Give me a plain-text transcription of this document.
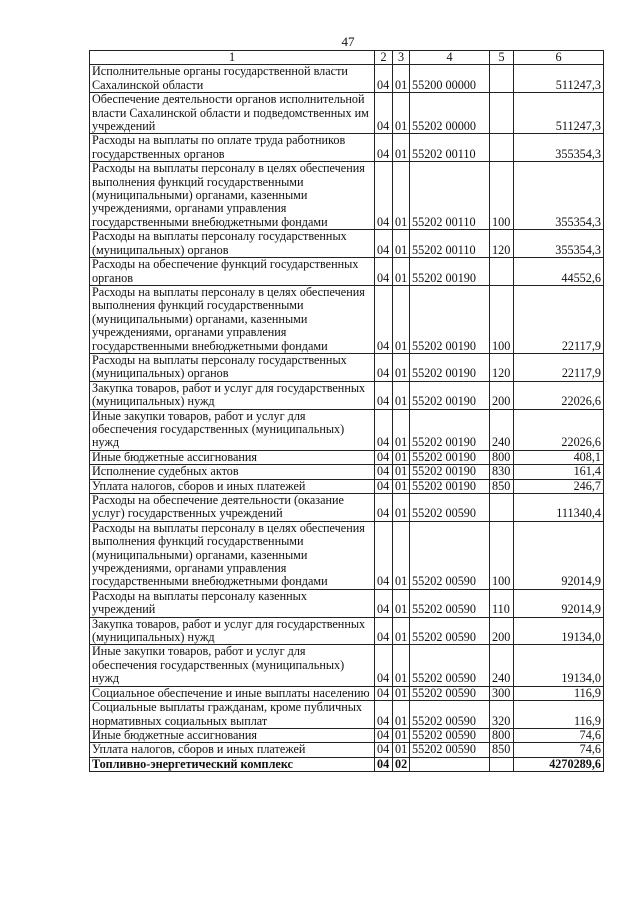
47
1	2	3	4	5	6
Исполнительные органы государственной власти Сахалинской области	04	01	55200 00000		511247,3
Обеспечение деятельности органов исполнительной власти Сахалинской области и подведомственных им учреждений	04	01	55202 00000		511247,3
Расходы на выплаты по оплате труда работников государственных органов	04	01	55202 00110		355354,3
Расходы на выплаты персоналу в целях обеспечения выполнения функций государственными (муниципальными) органами, казенными учреждениями, органами управления государственными внебюджетными фондами	04	01	55202 00110	100	355354,3
Расходы на выплаты персоналу государственных (муниципальных) органов	04	01	55202 00110	120	355354,3
Расходы на обеспечение функций государственных органов	04	01	55202 00190		44552,6
Расходы на выплаты персоналу в целях обеспечения выполнения функций государственными (муниципальными) органами, казенными учреждениями, органами управления государственными внебюджетными фондами	04	01	55202 00190	100	22117,9
Расходы на выплаты персоналу государственных (муниципальных) органов	04	01	55202 00190	120	22117,9
Закупка товаров, работ и услуг для государственных (муниципальных) нужд	04	01	55202 00190	200	22026,6
Иные закупки товаров, работ и услуг для обеспечения государственных (муниципальных) нужд	04	01	55202 00190	240	22026,6
Иные бюджетные ассигнования	04	01	55202 00190	800	408,1
Исполнение судебных актов	04	01	55202 00190	830	161,4
Уплата налогов, сборов и иных платежей	04	01	55202 00190	850	246,7
Расходы на обеспечение деятельности (оказание услуг) государственных учреждений	04	01	55202 00590		111340,4
Расходы на выплаты персоналу в целях обеспечения выполнения функций государственными (муниципальными) органами, казенными учреждениями, органами управления государственными внебюджетными фондами	04	01	55202 00590	100	92014,9
Расходы на выплаты персоналу казенных учреждений	04	01	55202 00590	110	92014,9
Закупка товаров, работ и услуг для государственных (муниципальных) нужд	04	01	55202 00590	200	19134,0
Иные закупки товаров, работ и услуг для обеспечения государственных (муниципальных) нужд	04	01	55202 00590	240	19134,0
Социальное обеспечение и иные выплаты населению	04	01	55202 00590	300	116,9
Социальные выплаты гражданам, кроме публичных нормативных социальных выплат	04	01	55202 00590	320	116,9
Иные бюджетные ассигнования	04	01	55202 00590	800	74,6
Уплата налогов, сборов и иных платежей	04	01	55202 00590	850	74,6
Топливно-энергетический комплекс	04	02			4270289,6
